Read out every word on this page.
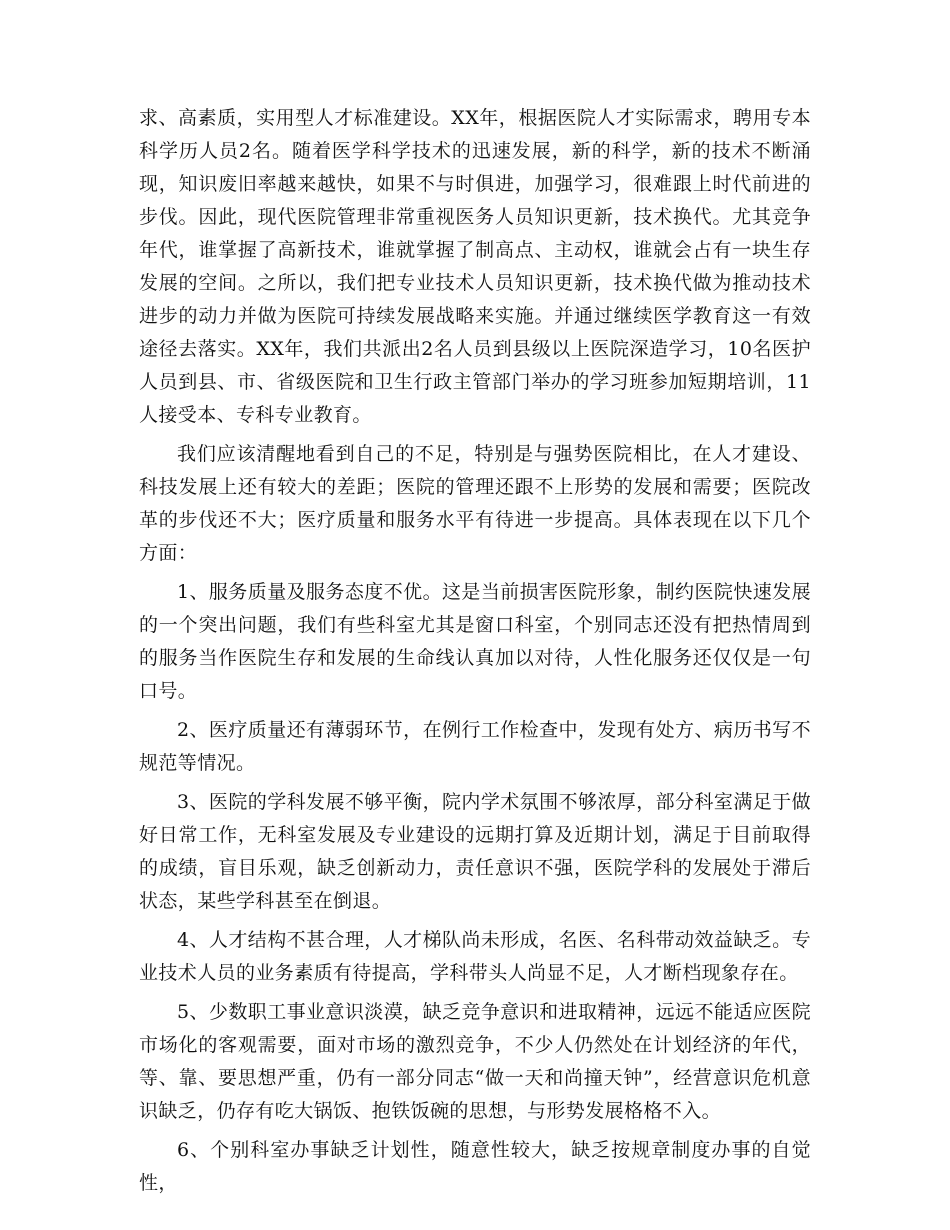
求、高素质，实用型人才标准建设。XX年，根据医院人才实际需求，聘用专本科学历人员2名。随着医学科学技术的迅速发展，新的科学，新的技术不断涌现，知识废旧率越来越快，如果不与时俱进，加强学习，很难跟上时代前进的步伐。因此，现代医院管理非常重视医务人员知识更新，技术换代。尤其竞争年代，谁掌握了高新技术，谁就掌握了制高点、主动权，谁就会占有一块生存发展的空间。之所以，我们把专业技术人员知识更新，技术换代做为推动技术进步的动力并做为医院可持续发展战略来实施。并通过继续医学教育这一有效途径去落实。XX年，我们共派出2名人员到县级以上医院深造学习，10名医护人员到县、市、省级医院和卫生行政主管部门举办的学习班参加短期培训，11人接受本、专科专业教育。

我们应该清醒地看到自己的不足，特别是与强势医院相比，在人才建设、科技发展上还有较大的差距；医院的管理还跟不上形势的发展和需要；医院改革的步伐还不大；医疗质量和服务水平有待进一步提高。具体表现在以下几个方面：

1、服务质量及服务态度不优。这是当前损害医院形象，制约医院快速发展的一个突出问题，我们有些科室尤其是窗口科室，个别同志还没有把热情周到的服务当作医院生存和发展的生命线认真加以对待，人性化服务还仅仅是一句口号。

2、医疗质量还有薄弱环节，在例行工作检查中，发现有处方、病历书写不规范等情况。

3、医院的学科发展不够平衡，院内学术氛围不够浓厚，部分科室满足于做好日常工作，无科室发展及专业建设的远期打算及近期计划，满足于目前取得的成绩，盲目乐观，缺乏创新动力，责任意识不强，医院学科的发展处于滞后状态，某些学科甚至在倒退。

4、人才结构不甚合理，人才梯队尚未形成，名医、名科带动效益缺乏。专业技术人员的业务素质有待提高，学科带头人尚显不足，人才断档现象存在。

5、少数职工事业意识淡漠，缺乏竞争意识和进取精神，远远不能适应医院市场化的客观需要，面对市场的激烈竞争，不少人仍然处在计划经济的年代，等、靠、要思想严重，仍有一部分同志“做一天和尚撞天钟”，经营意识危机意识缺乏，仍存有吃大锅饭、抱铁饭碗的思想，与形势发展格格不入。

6、个别科室办事缺乏计划性，随意性较大，缺乏按规章制度办事的自觉性，
